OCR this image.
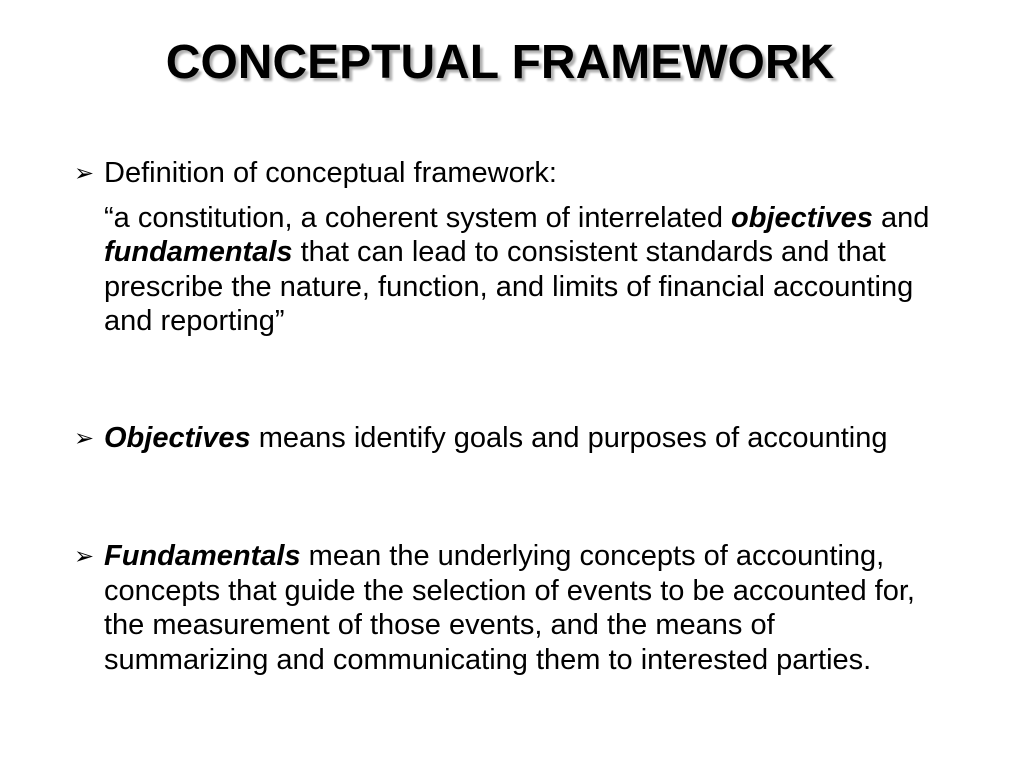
CONCEPTUAL FRAMEWORK
➢ Definition of conceptual framework:
“a constitution, a coherent system of interrelated objectives and fundamentals that can lead to consistent standards and that prescribe the nature, function, and limits of financial accounting and reporting”
➢ Objectives means identify goals and purposes of accounting
➢ Fundamentals mean the underlying concepts of accounting, concepts that guide the selection of events to be accounted for, the measurement of those events, and the means of summarizing and communicating them to interested parties.
